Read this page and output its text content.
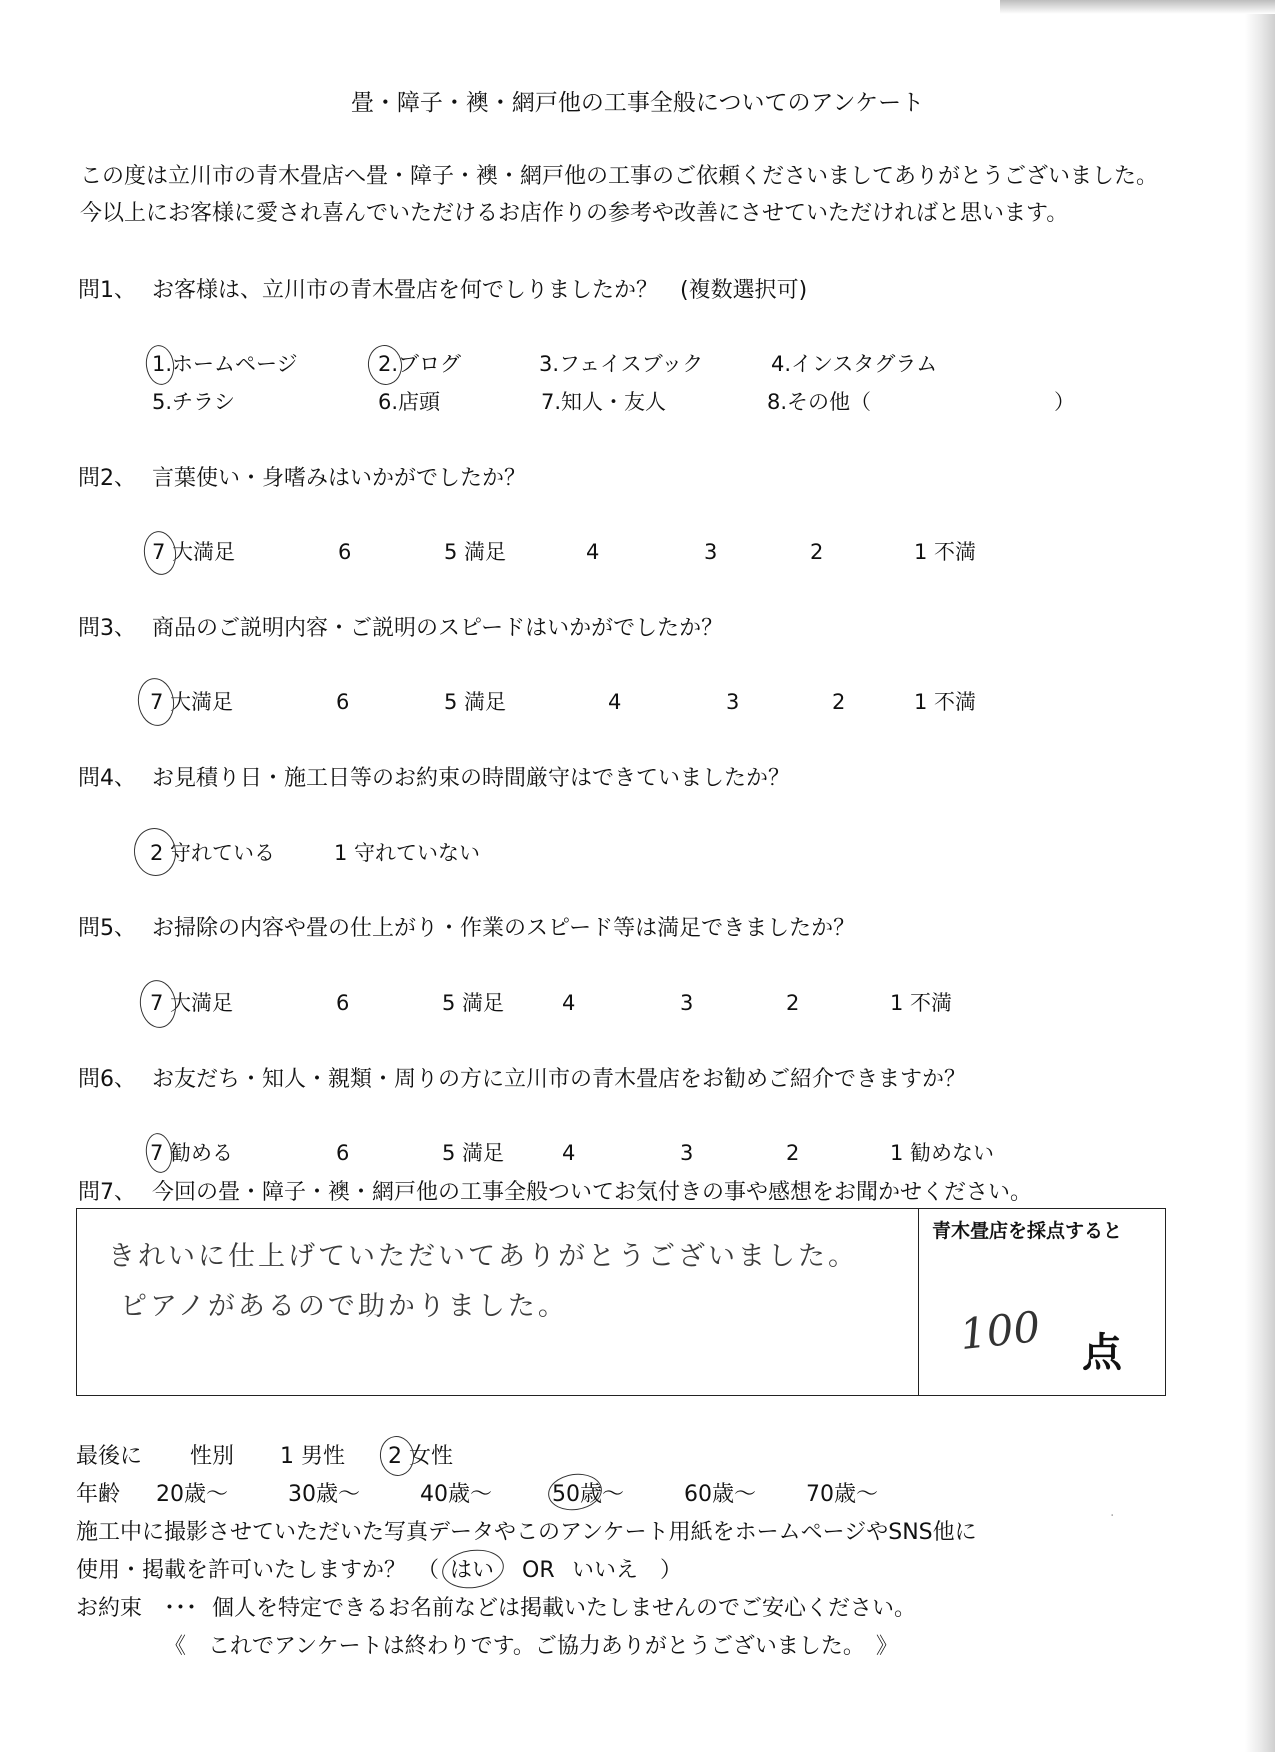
畳・障子・襖・網戸他の工事全般についてのアンケート
この度は立川市の青木畳店へ畳・障子・襖・網戸他の工事のご依頼くださいましてありがとうございました。
今以上にお客様に愛され喜んでいただけるお店作りの参考や改善にさせていただければと思います。
問1、 お客様は、立川市の青木畳店を何でしりましたか？　(複数選択可)
1.ホームページ	2.ブログ	3.フェイスブック	4.インスタグラム
5.チラシ	6.店頭	7.知人・友人	8.その他（	）
問2、 言葉使い・身嗜みはいかがでしたか？
7 大満足	6	5 満足	4	3	2	1 不満
問3、 商品のご説明内容・ご説明のスピードはいかがでしたか？
7 大満足	6	5 満足	4	3	2	1 不満
問4、 お見積り日・施工日等のお約束の時間厳守はできていましたか？
2 守れている	1 守れていない
問5、 お掃除の内容や畳の仕上がり・作業のスピード等は満足できましたか？
7 大満足	6	5 満足	4	3	2	1 不満
問6、 お友だち・知人・親類・周りの方に立川市の青木畳店をお勧めご紹介できますか？
7 勧める	6	5 満足	4	3	2	1 勧めない
問7、 今回の畳・障子・襖・網戸他の工事全般ついてお気付きの事や感想をお聞かせください。
きれいに仕上げていただいてありがとうございました。
ピアノがあるので助かりました。
青木畳店を採点すると
100 点
最後に 性別 1 男性 2 女性
年齢 20歳〜	30歳〜	40歳〜	50歳〜	60歳〜 70歳〜
施工中に撮影させていただいた写真データやこのアンケート用紙をホームページやSNS他に
使用・掲載を許可いたしますか？　（ はい OR いいえ ）
お約束　･･･ 個人を特定できるお名前などは掲載いたしませんのでご安心ください。
《　これでアンケートは終わりです。ご協力ありがとうございました。　》
·
